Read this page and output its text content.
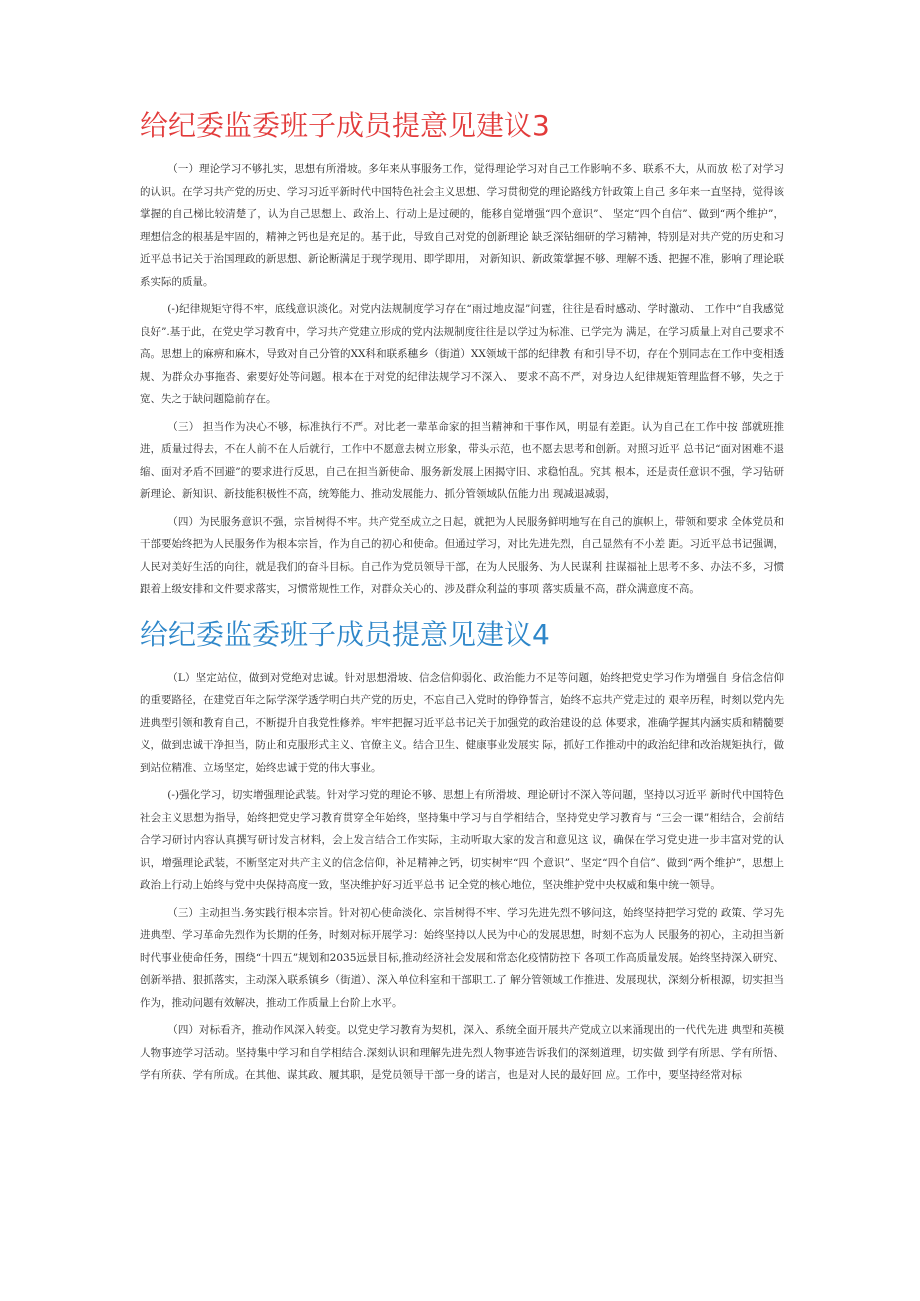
给纪委监委班子成员提意见建议3

（一）理论学习不够扎实，思想有所滑坡。多年来从事服务工作，觉得理论学习对自己工作影响不多、联系不大，从而放 松了对学习的认识。在学习共产党的历史、学习习近平新时代中国特色社会主义思想、学习贯彻党的理论路线方针政策上自己 多年来一直坚持，觉得该掌握的自己梯比较清楚了，认为自己思想上、政治上、行动上是过硬的，能移自觉增强“四个意识”、 坚定“四个自信”、做到“两个维护”，理想信念的根基是牢固的，精神之钙也是充足的。基于此，导致自己对党的创新理论 缺乏深钻细研的学习精神，特别是对共产党的历史和习近平总书记关于治国理政的新思想、新论断满足于现学现用、即学即用， 对新知识、新政策掌握不够、理解不透、把握不准，影响了理论联系实际的质量。

(-)纪律规矩守得不牢，底线意识淡化。对党内法规制度学习存在“雨过地皮湿”问霆，往往是看时感动、学时激动、 工作中“自我感觉良好”.基于此，在党史学习教育中，学习共产党建立形成的党内法规制度往往是以学过为标准、已学完为 满足，在学习质量上对自己要求不高。思想上的麻痹和麻木，导致对自己分管的XX科和联系穗乡（街道）XX领域干部的纪律教 有和引导不切，存在个别同志在工作中变相透规、为群众办事拖沓、索要好处等问题。根本在于对党的纪律法规学习不深入、 要求不高不严，对身边人纪律规矩管理监督不够，失之于宽、失之于缺问题隐前存在。

（三） 担当作为决心不够，标准执行不严。对比老一辈革命家的担当精神和干事作风，明显有差距。认为自己在工作中按 部就班推进，质量过得去，不在人前不在人后就行，工作中不愿意去树立形象，带头示范，也不愿去思考和创新。对照习近平 总书记“面对困难不退缩、面对矛盾不回避”的要求进行反思，自己在担当新使命、服务新发展上困揭守旧、求稳怕乱。究其 根本，还是责任意识不强，学习钻研新理论、新知识、新技能积极性不高，统筹能力、推动发展能力、抓分管领域队伍能力出 现减退减弱，

（四）为民服务意识不强，宗旨树得不牢。共产党至成立之日起，就把为人民服务鲜明地写在自己的旗帜上，带领和要求 全体党员和干部要始终把为人民服务作为根本宗旨，作为自己的初心和使命。但通过学习，对比先进先烈，自己显然有不小差 距。习近平总书记强调，人民对美好生活的向往，就是我们的奋斗目标。自己作为党员领导干部，在为人民服务、为人民谋利 拄谋福祉上思考不多、办法不多，习惯跟着上级安排和文件要求落实，习惯常规性工作，对群众关心的、涉及群众利益的事项 落实质量不高，群众满意度不高。

给纪委监委班子成员提意见建议4

（L）坚定站位，做到对党绝对忠诚。针对思想滑坡、信念信仰弱化、政治能力不足等问题，始终把党史学习作为增强自 身信念信仰的重要路径，在建党百年之际学深学透学明白共产党的历史，不忘自己入党时的铮铮誓言，始终不忘共产党走过的 艰辛历程，时刻以党内先进典型引领和教育自己，不断提升自我党性修养。牢牢把握习近平总书记关于加强党的政治建设的总 体要求，准确学握其内涵实质和精髓要义，做到忠诚干净担当，防止和克服形式主义、官僚主义。结合卫生、健康事业发展实 际，抓好工作推动中的政治纪律和改治规矩执行，做到站位精准、立场坚定，始终忠诚于党的伟大事业。

(-)强化学习，切实增强理论武装。针对学习党的理论不够、思想上有所滑坡、理论研讨不深入等问题，坚持以习近平 新时代中国特色社会主义思想为指导，始终把党史学习教育贯穿全年始终，坚持集中学习与自学相结合，坚持党史学习教育与 “三会一课”相结合，会前结合学习研讨内容认真撰写研讨发言材料，会上发言结合工作实际，主动听取大家的发言和意见这 议，确保在学习党史进一步丰富对党的认识，增强理论武装，不断坚定对共产主义的信念信仰，补足精神之钙，切实树牢“四 个意识”、坚定“四个自信”、做到“两个维护”，思想上政治上行动上始终与党中央保持高度一致，坚决维护好习近平总书 记全党的核心地位，坚决维护党中央权威和集中统一领导。

（三）主动担当.务实践行根本宗旨。针对初心使命淡化、宗旨树得不牢、学习先进先烈不够问这，始终坚持把学习党的 政策、学习先进典型、学习革命先烈作为长期的任务，时刻对标开展学习：始终坚持以人民为中心的发展思想，时刻不忘为人 民服务的初心，主动担当新时代事业使命任务，围绕“十四五”规划和2035远景目标,推动经济社会发展和常态化疫情防控下 各项工作高质量发展。始终坚持深入研究、创新举措、狠抓落实，主动深入联系镇乡（街道）、深入单位科室和干部职工.了 解分管领域工作推进、发展现状，深刻分析根源，切实担当作为，推动问题有效解决，推动工作质量上台阶上水平。

（四）对标看齐，推动作风深入转变。以党史学习教育为契机，深入、系统全面开展共产党成立以来涌现出的一代代先进 典型和英模人物事迹学习活动。坚持集中学习和自学相结合.深刻认识和理解先进先烈人物事迹告诉我们的深刻道理，切实做 到学有所思、学有所悟、学有所获、学有所成。在其他、谋其政、履其职，是党员领导干部一身的诺言，也是对人民的最好回 应。工作中，要坚持经常对标
